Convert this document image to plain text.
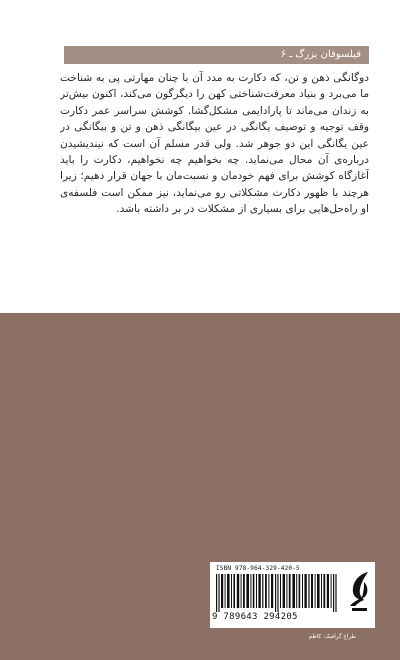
فیلسوفان بزرگ ـ ۶

دوگانگی ذهن و تن، که دکارت به مدد آن با چنان مهارتی پی به شناخت ما می‌برد و بنیاد معرفت‌شناختی کهن را دیگرگون می‌کند، اکنون بیش‌تر به زندان می‌ماند تا پارادایمی مشکل‌گشا. کوشش سراسر عمر دکارت وقف توجیه و توصیف یگانگی در عین بیگانگی ذهن و تن و بیگانگی در عین یگانگی این دو جوهر شد. ولی قدر مسلم آن است که نیندیشیدن درباره‌ی آن محال می‌نماید. چه بخواهیم چه نخواهیم، دکارت را باید آغازگاه کوشش برای فهم خودمان و نسبت‌مان با جهان قرار دهیم؛ زیرا هرچند با ظهور دکارت مشکلاتی رو می‌نماید، نیز ممکن است فلسفه‌ی او راه‌حل‌هایی برای بسیاری از مشکلات در بر داشته باشد.

ISBN 978-964-329-420-5
9 789643 294205
طراح گرافیک: کاظم
